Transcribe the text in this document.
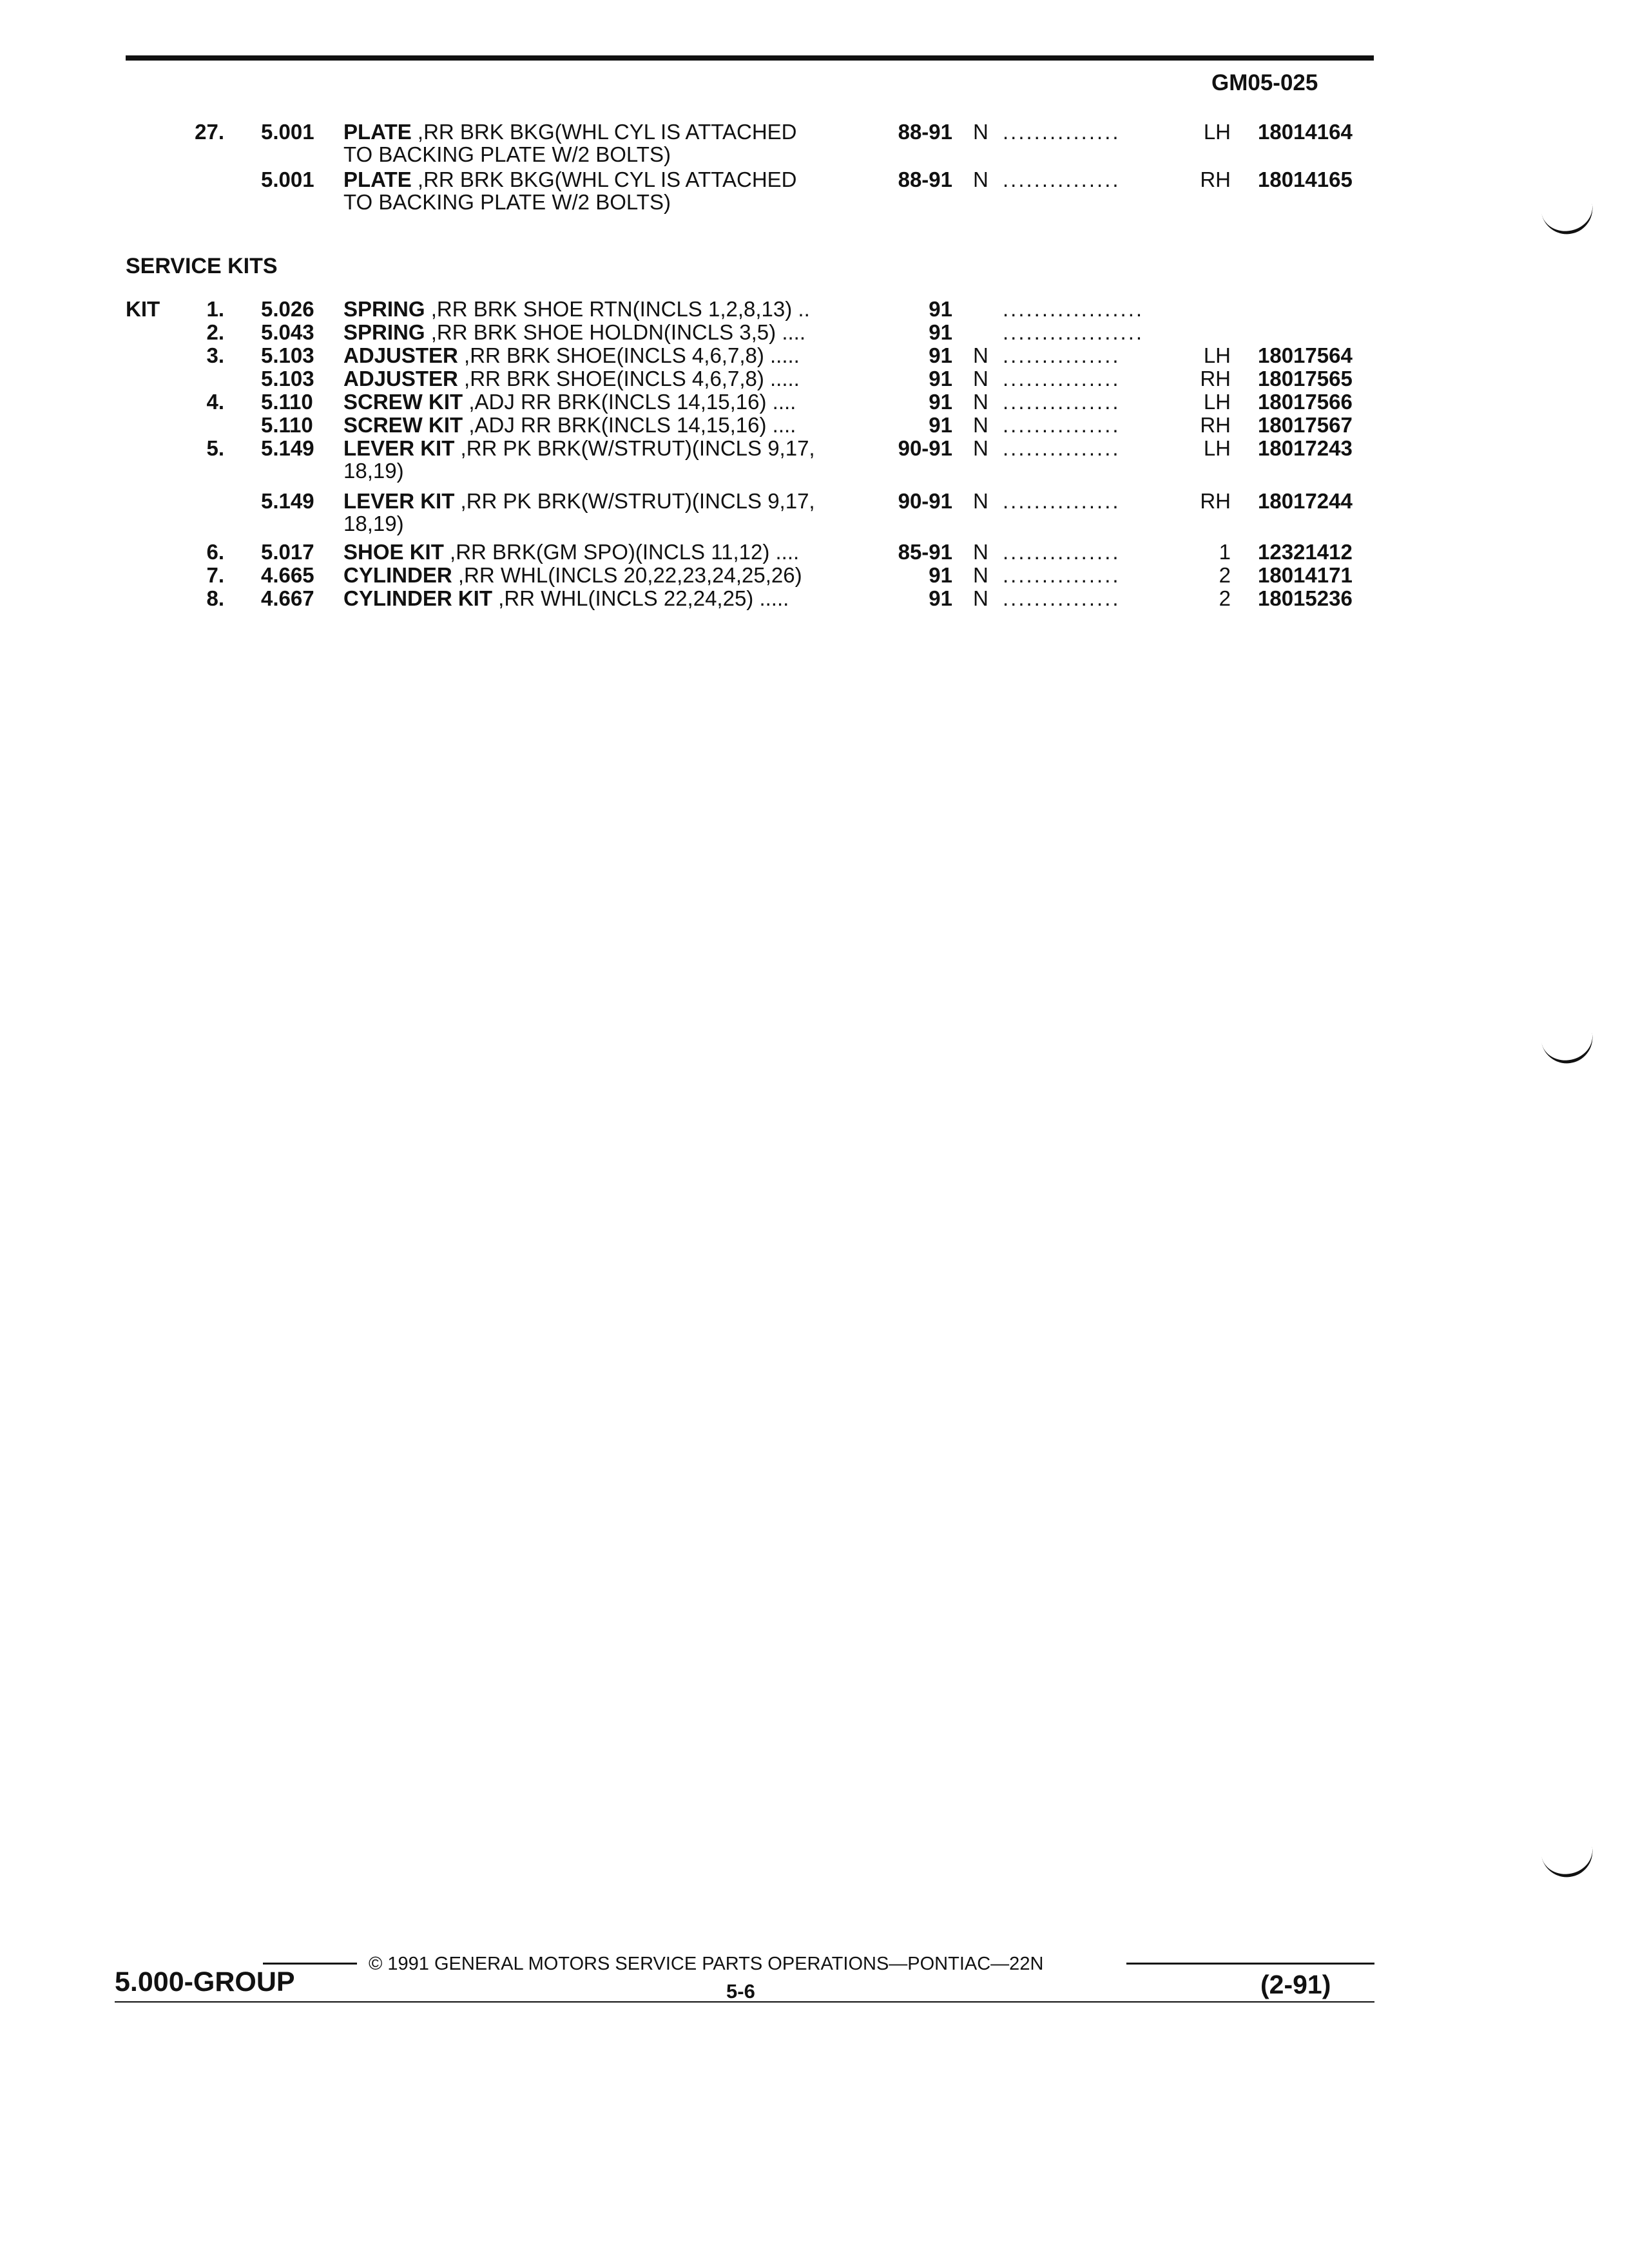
GM05-025
27. 5.001 PLATE ,RR BRK BKG(WHL CYL IS ATTACHED	88-91 N ...............	LH 18014164
TO BACKING PLATE W/2 BOLTS)
5.001 PLATE ,RR BRK BKG(WHL CYL IS ATTACHED	88-91 N ...............	RH 18014165
TO BACKING PLATE W/2 BOLTS)
SERVICE KITS
KIT	1. 5.026 SPRING ,RR BRK SHOE RTN(INCLS 1,2,8,13) ..	91 ..................
2. 5.043 SPRING ,RR BRK SHOE HOLDN(INCLS 3,5) ....	91 ..................
3. 5.103 ADJUSTER ,RR BRK SHOE(INCLS 4,6,7,8) .....	91 N ...............	LH 18017564
5.103 ADJUSTER ,RR BRK SHOE(INCLS 4,6,7,8) .....	91 N ...............	RH 18017565
4. 5.110 SCREW KIT ,ADJ RR BRK(INCLS 14,15,16) ....	91 N ...............	LH 18017566
5.110 SCREW KIT ,ADJ RR BRK(INCLS 14,15,16) ....	91 N ...............	RH 18017567
5. 5.149 LEVER KIT ,RR PK BRK(W/STRUT)(INCLS 9,17,	90-91 N ...............	LH 18017243
18,19)
5.149 LEVER KIT ,RR PK BRK(W/STRUT)(INCLS 9,17,	90-91 N ...............	RH 18017244
18,19)
6. 5.017 SHOE KIT ,RR BRK(GM SPO)(INCLS 11,12) ....	85-91 N ...............	1 12321412
7. 4.665 CYLINDER ,RR WHL(INCLS 20,22,23,24,25,26)	91 N ...............	2 18014171
8. 4.667 CYLINDER KIT ,RR WHL(INCLS 22,24,25) .....	91 N ...............	2 18015236
© 1991 GENERAL MOTORS SERVICE PARTS OPERATIONS—PONTIAC—22N
5.000-GROUP	5-6	(2-91)
